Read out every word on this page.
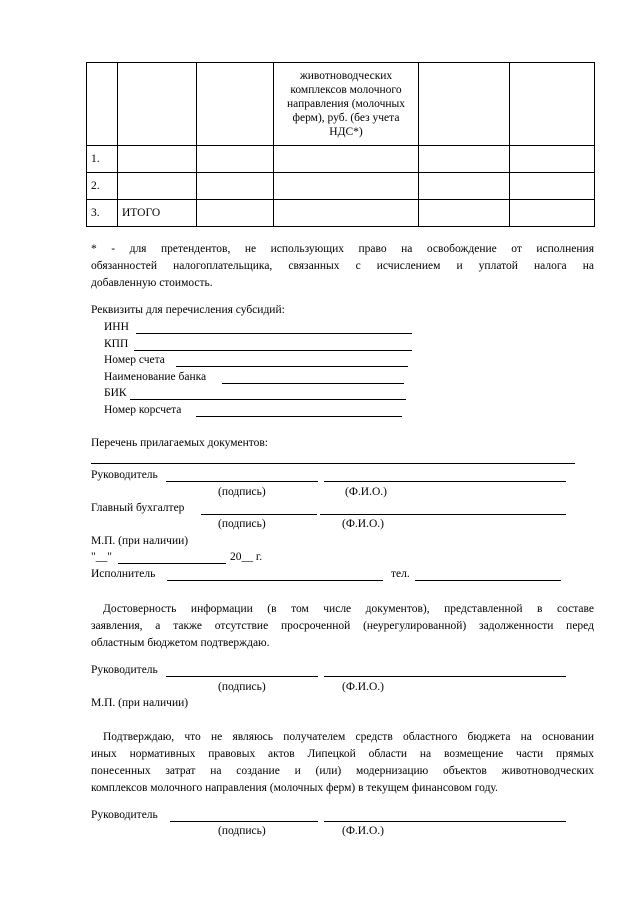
			животноводческих
комплексов молочного
направления (молочных
ферм), руб. (без учета
НДС*)		

1.					
2.					
3.	ИТОГО				
* - для претендентов, не использующих право на освобождение от исполнения
обязанностей налогоплательщика, связанных с исчислением и уплатой налога на
добавленную стоимость.
Реквизиты для перечисления субсидий:
ИНН
КПП
Номер счета
Наименование банка
БИК
Номер корсчета
Перечень прилагаемых документов:
Руководитель
(подпись)	(Ф.И.О.)
Главный бухгалтер
(подпись)	(Ф.И.О.)
М.П. (при наличии)
"__"	20__ г.
Исполнитель	тел.
Достоверность информации (в том числе документов), представленной в составе
заявления, а также отсутствие просроченной (неурегулированной) задолженности перед
областным бюджетом подтверждаю.
Руководитель
(подпись)	(Ф.И.О.)
М.П. (при наличии)
Подтверждаю, что не являюсь получателем средств областного бюджета на основании
иных нормативных правовых актов Липецкой области на возмещение части прямых
понесенных затрат на создание и (или) модернизацию объектов животноводческих
комплексов молочного направления (молочных ферм) в текущем финансовом году.
Руководитель
(подпись)	(Ф.И.О.)
